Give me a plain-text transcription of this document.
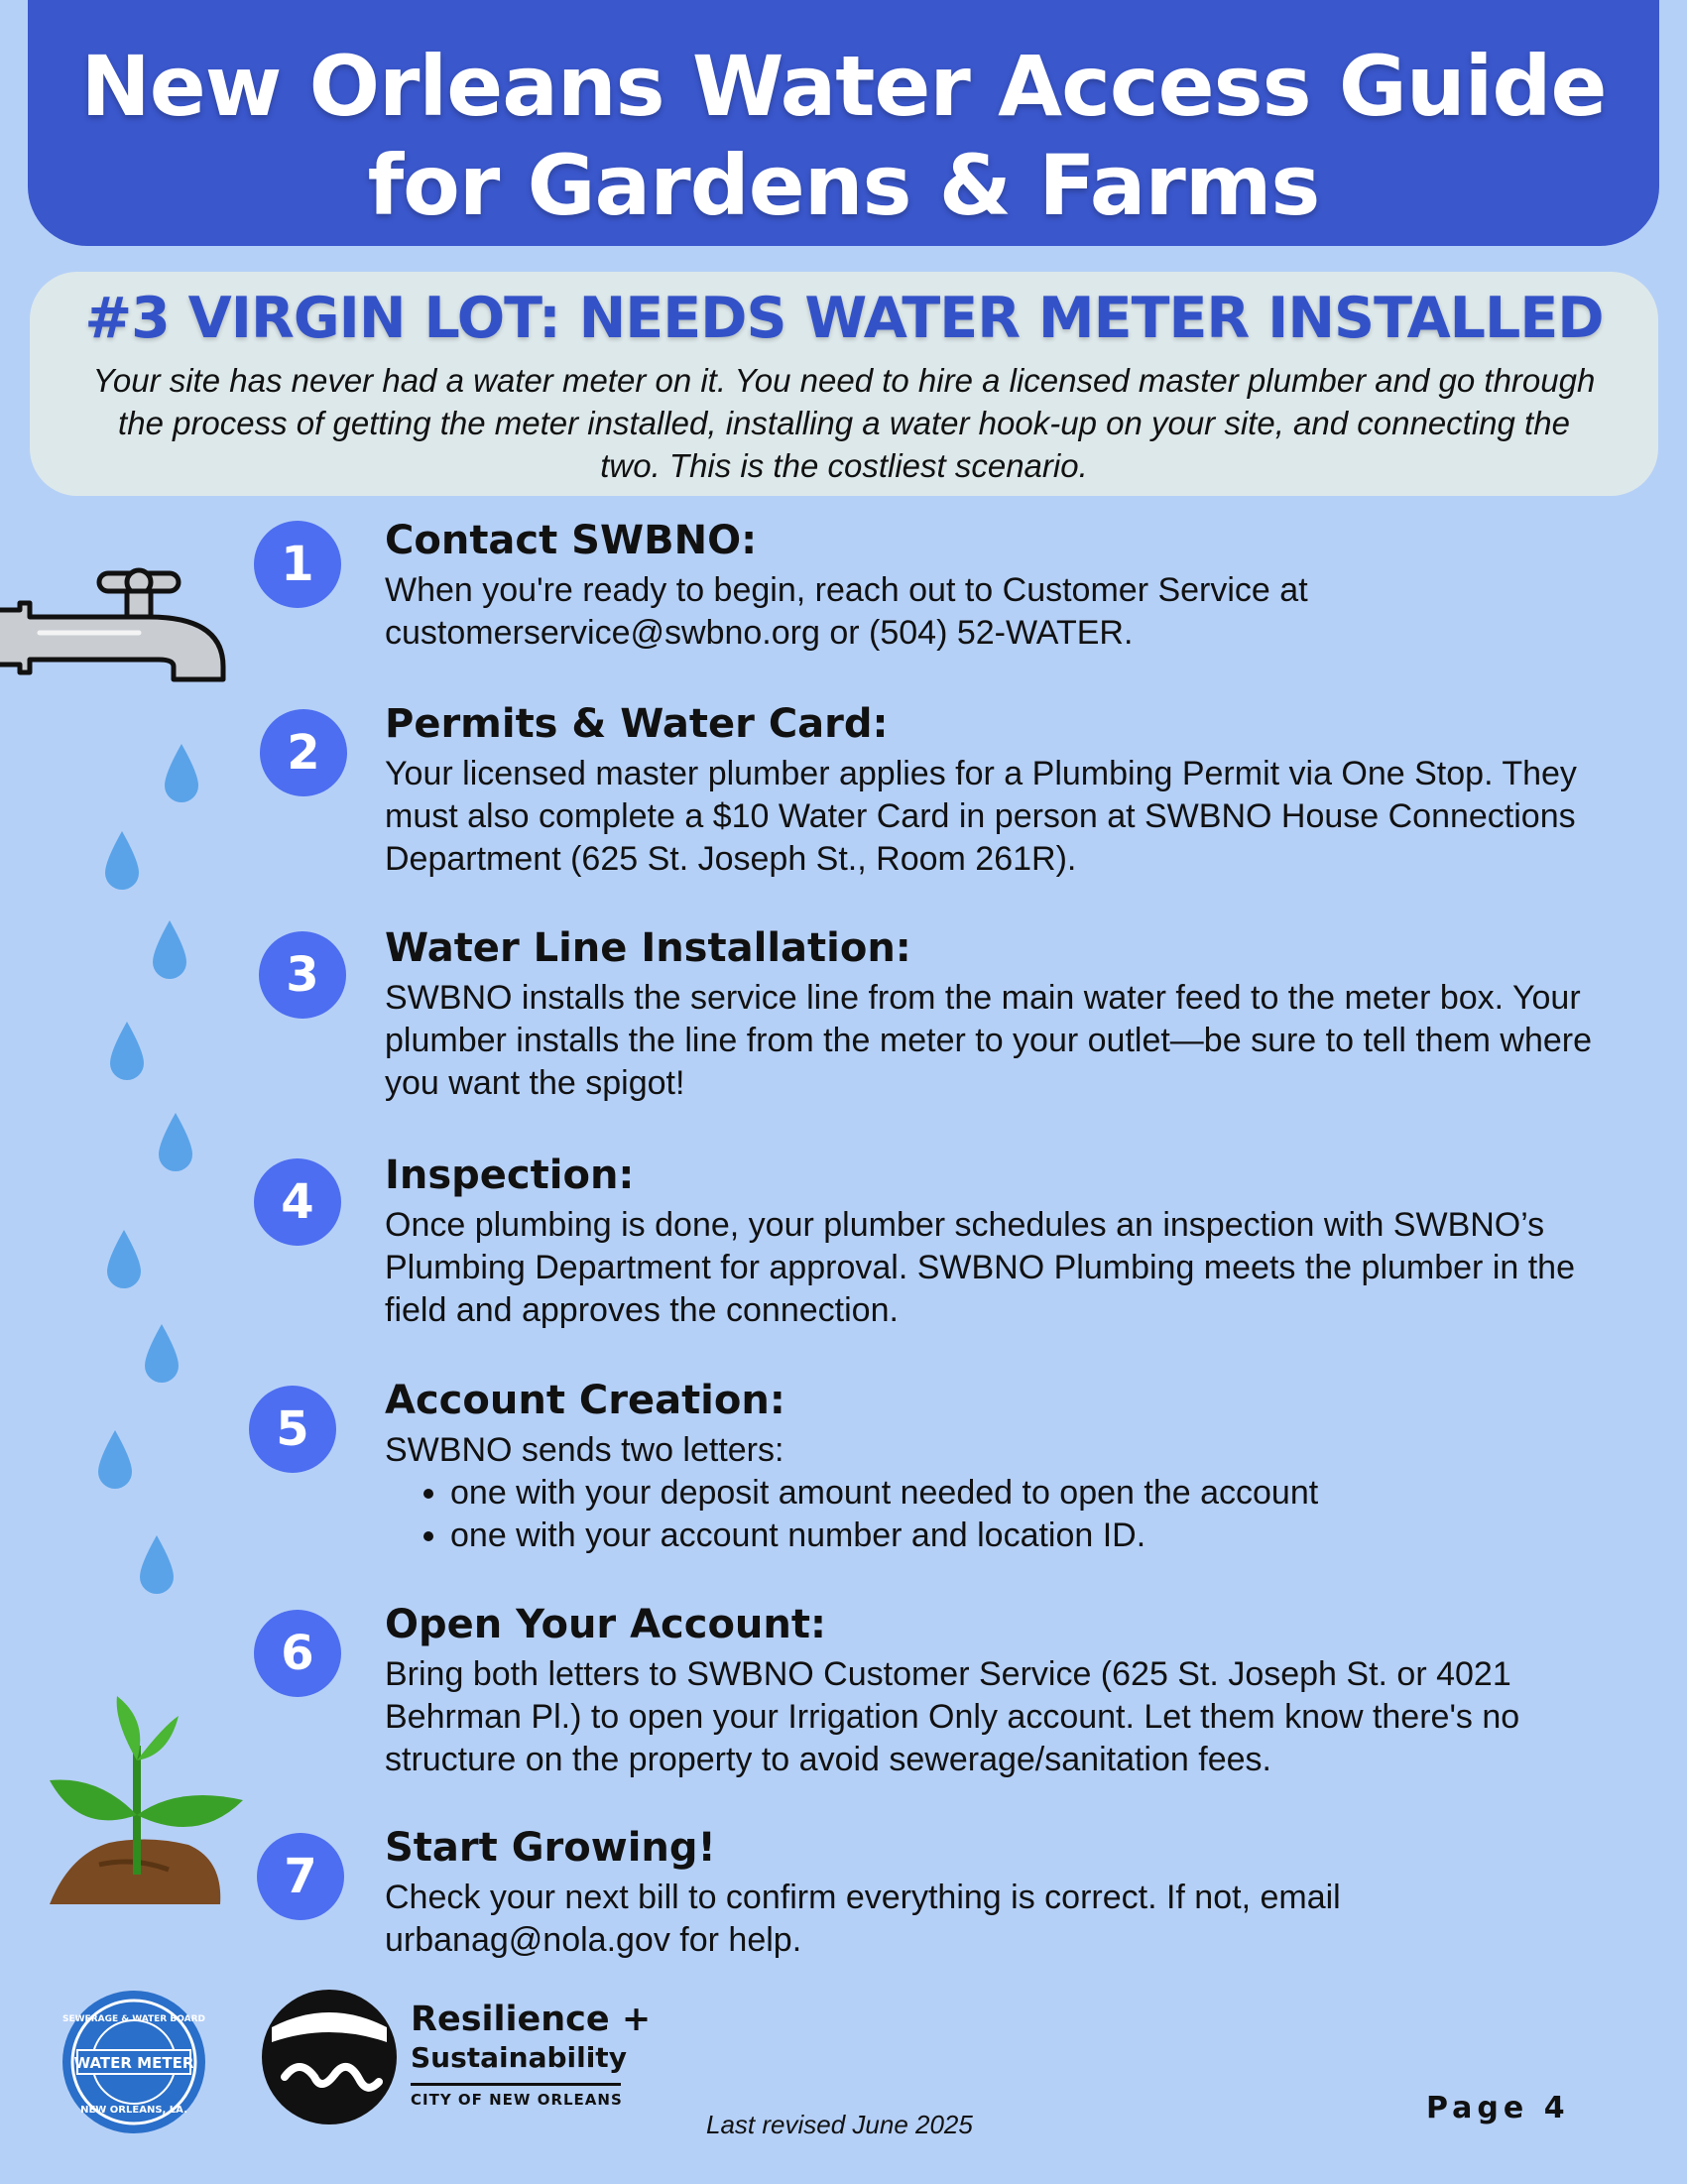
New Orleans Water Access Guide
for Gardens & Farms
#3 VIRGIN LOT: NEEDS WATER METER INSTALLED
Your site has never had a water meter on it. You need to hire a licensed master plumber and go through the process of getting the meter installed, installing a water hook-up on your site, and connecting the two. This is the costliest scenario.
1	Contact SWBNO:
When you're ready to begin, reach out to Customer Service at customerservice@swbno.org or (504) 52-WATER.
2
Permits & Water Card:
Your licensed master plumber applies for a Plumbing Permit via One Stop. They must also complete a $10 Water Card in person at SWBNO House Connections Department (625 St. Joseph St., Room 261R).
3	Water Line Installation:
SWBNO installs the service line from the main water feed to the meter box. Your plumber installs the line from the meter to your outlet—be sure to tell them where you want the spigot!
4	Inspection:
Once plumbing is done, your plumber schedules an inspection with SWBNO’s Plumbing Department for approval. SWBNO Plumbing meets the plumber in the field and approves the connection.
5
Account Creation:
SWBNO sends two letters:
• one with your deposit amount needed to open the account
• one with your account number and location ID.
6
Open Your Account:
Bring both letters to SWBNO Customer Service (625 St. Joseph St. or 4021 Behrman Pl.) to open your Irrigation Only account. Let them know there's no structure on the property to avoid sewerage/sanitation fees.
7
Start Growing!
Check your next bill to confirm everything is correct. If not, email urbanag@nola.gov for help.
WATER METER
SEWERAGE & WATER BOARD
NEW ORLEANS, LA.
Resilience +
Sustainability
CITY OF NEW ORLEANS
Last revised June 2025	Page 4
